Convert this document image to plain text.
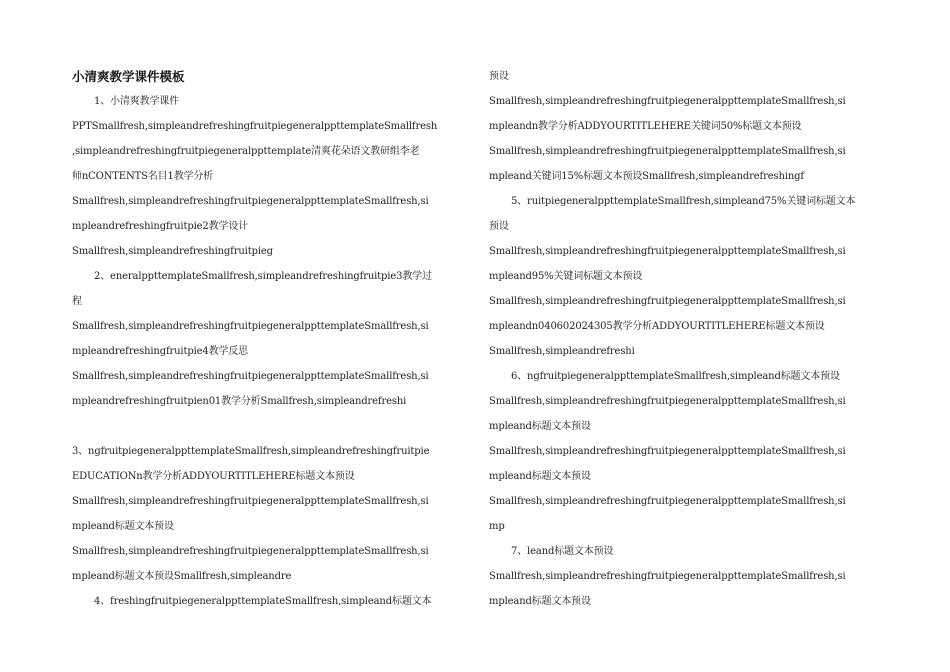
小清爽教学课件模板
1、小清爽教学课件
PPTSmallfresh,simpleandrefreshingfruitpiegeneralppttemplateSmallfresh
,simpleandrefreshingfruitpiegeneralppttemplate清爽花朵语文教研组李老
师nCONTENTS名目1教学分析
Smallfresh,simpleandrefreshingfruitpiegeneralppttemplateSmallfresh,si
mpleandrefreshingfruitpie2教学设计
Smallfresh,simpleandrefreshingfruitpieg
2、eneralppttemplateSmallfresh,simpleandrefreshingfruitpie3教学过
程
Smallfresh,simpleandrefreshingfruitpiegeneralppttemplateSmallfresh,si
mpleandrefreshingfruitpie4教学反思
Smallfresh,simpleandrefreshingfruitpiegeneralppttemplateSmallfresh,si
mpleandrefreshingfruitpien01教学分析Smallfresh,simpleandrefreshi
3、ngfruitpiegeneralppttemplateSmallfresh,simpleandrefreshingfruitpie
EDUCATIONn教学分析ADDYOURTITLEHERE标题文本预设
Smallfresh,simpleandrefreshingfruitpiegeneralppttemplateSmallfresh,si
mpleand标题文本预设
Smallfresh,simpleandrefreshingfruitpiegeneralppttemplateSmallfresh,si
mpleand标题文本预设Smallfresh,simpleandre
4、freshingfruitpiegeneralppttemplateSmallfresh,simpleand标题文本
预设
Smallfresh,simpleandrefreshingfruitpiegeneralppttemplateSmallfresh,si
mpleandn教学分析ADDYOURTITLEHERE关键词50%标题文本预设
Smallfresh,simpleandrefreshingfruitpiegeneralppttemplateSmallfresh,si
mpleand关键词15%标题文本预设Smallfresh,simpleandrefreshingf
5、ruitpiegeneralppttemplateSmallfresh,simpleand75%关键词标题文本
预设
Smallfresh,simpleandrefreshingfruitpiegeneralppttemplateSmallfresh,si
mpleand95%关键词标题文本预设
Smallfresh,simpleandrefreshingfruitpiegeneralppttemplateSmallfresh,si
mpleandn040602024305教学分析ADDYOURTITLEHERE标题文本预设
Smallfresh,simpleandrefreshi
6、ngfruitpiegeneralppttemplateSmallfresh,simpleand标题文本预设
Smallfresh,simpleandrefreshingfruitpiegeneralppttemplateSmallfresh,si
mpleand标题文本预设
Smallfresh,simpleandrefreshingfruitpiegeneralppttemplateSmallfresh,si
mpleand标题文本预设
Smallfresh,simpleandrefreshingfruitpiegeneralppttemplateSmallfresh,si
mp
7、leand标题文本预设
Smallfresh,simpleandrefreshingfruitpiegeneralppttemplateSmallfresh,si
mpleand标题文本预设
